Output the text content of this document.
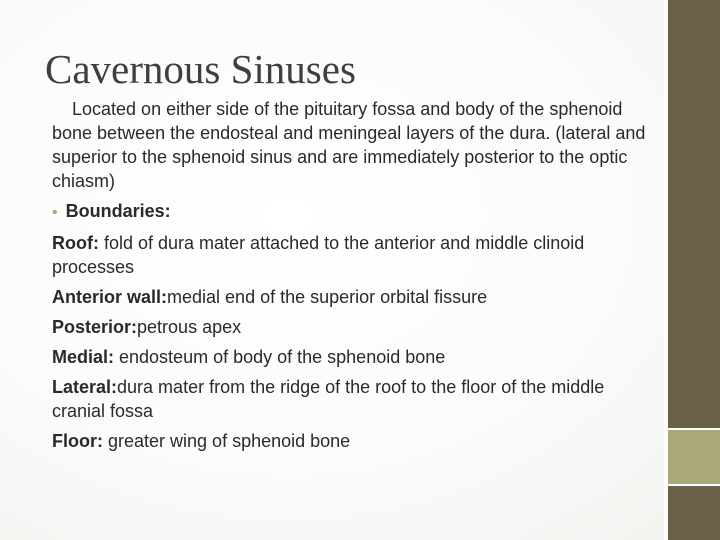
Cavernous Sinuses

Located on either side of the pituitary fossa and body of the sphenoid bone between the endosteal and meningeal layers of the dura. (lateral and superior to the sphenoid sinus and are immediately posterior to the optic chiasm)

• Boundaries:

Roof: fold of dura mater attached to the anterior and middle clinoid processes

Anterior wall:medial end of the superior orbital fissure

Posterior:petrous apex

Medial: endosteum of body of the sphenoid bone

Lateral:dura mater from the ridge of the roof to the floor of the middle cranial fossa

Floor: greater wing of sphenoid bone
